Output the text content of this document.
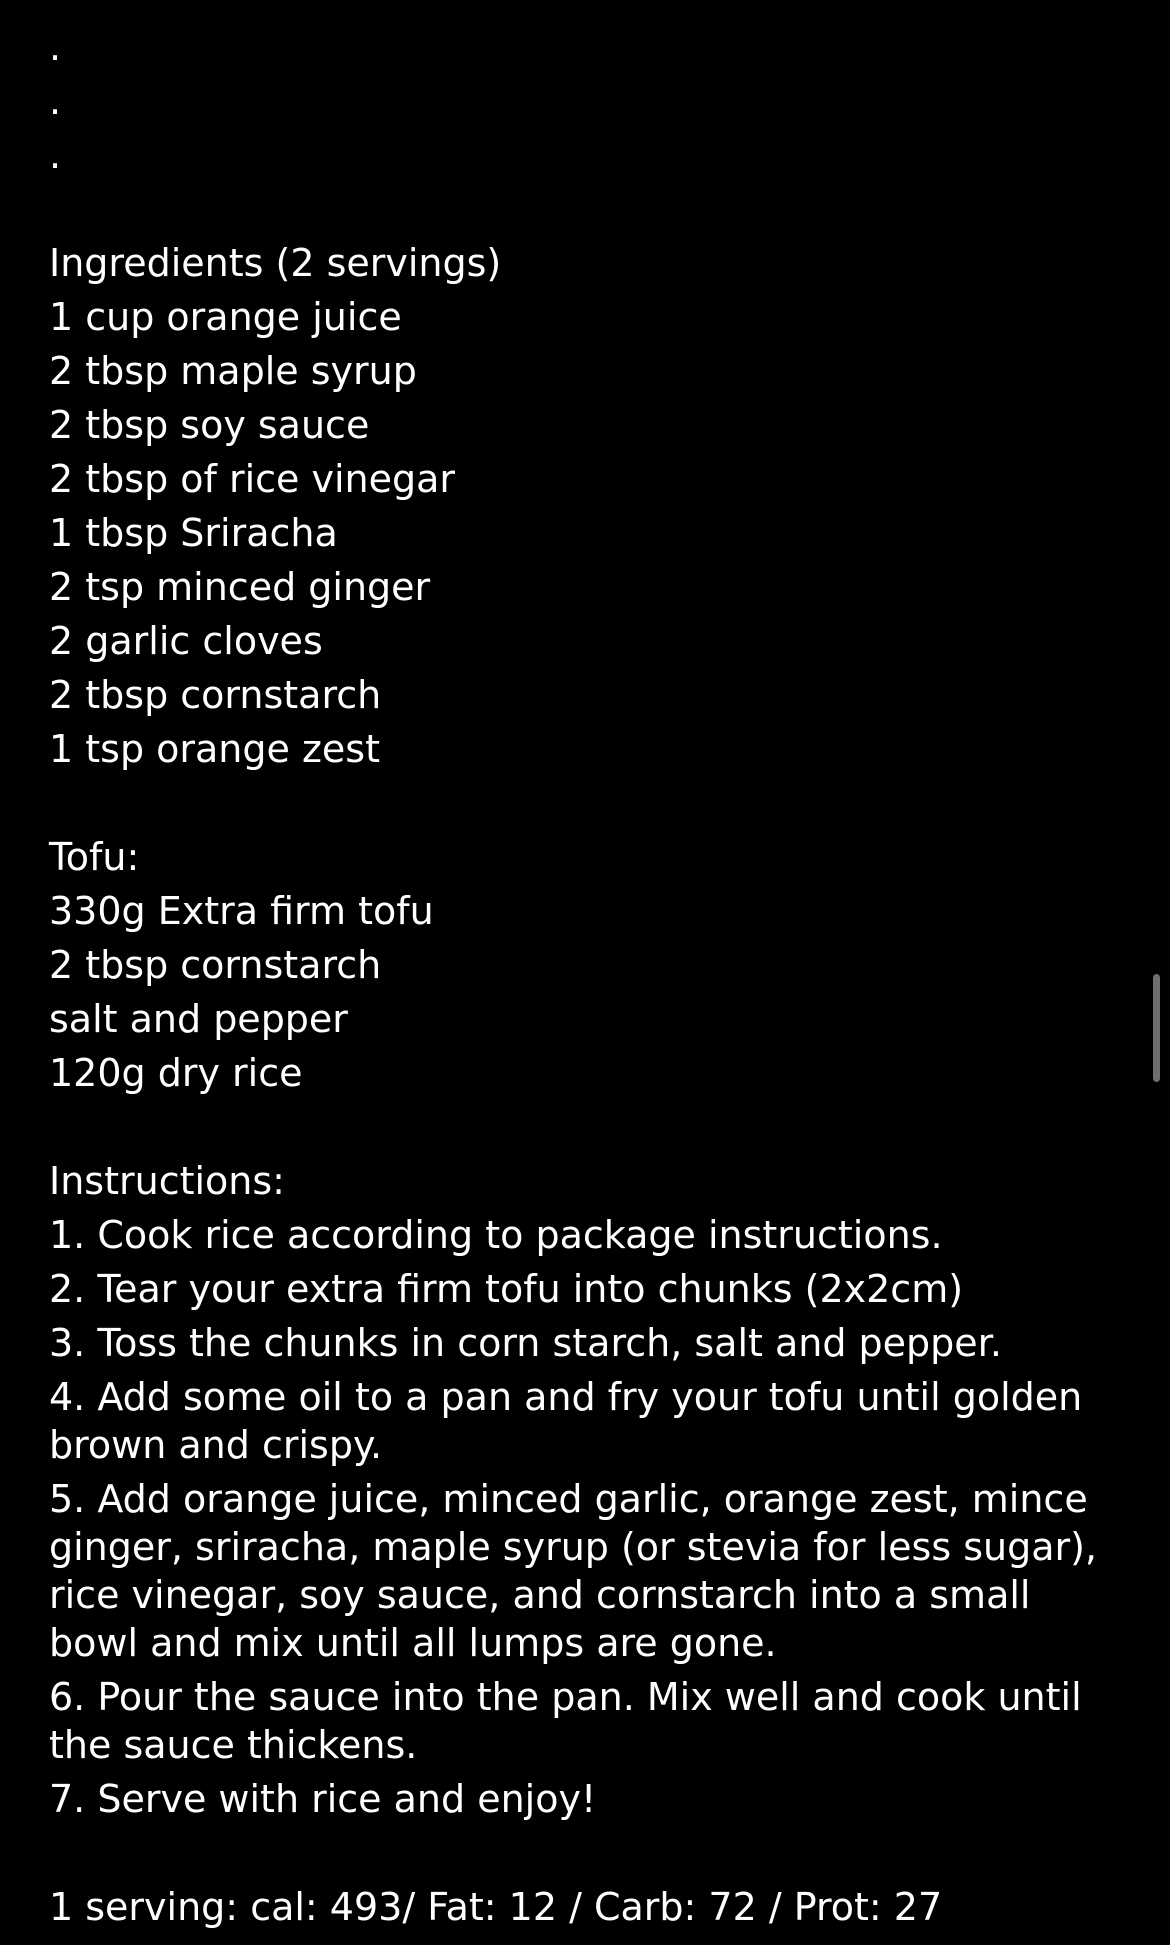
.
.
.
Ingredients (2 servings)
1 cup orange juice
2 tbsp maple syrup
2 tbsp soy sauce
2 tbsp of rice vinegar
1 tbsp Sriracha
2 tsp minced ginger
2 garlic cloves
2 tbsp cornstarch
1 tsp orange zest
Tofu:
330g Extra firm tofu
2 tbsp cornstarch
salt and pepper
120g dry rice
Instructions:
1. Cook rice according to package instructions.
2. Tear your extra firm tofu into chunks (2x2cm)
3. Toss the chunks in corn starch, salt and pepper.
4. Add some oil to a pan and fry your tofu until golden brown and crispy.
5. Add orange juice, minced garlic, orange zest, mince ginger, sriracha, maple syrup (or stevia for less sugar), rice vinegar, soy sauce, and cornstarch into a small bowl and mix until all lumps are gone.
6. Pour the sauce into the pan. Mix well and cook until the sauce thickens.
7. Serve with rice and enjoy!
1 serving: cal: 493/ Fat: 12 / Carb: 72 / Prot: 27
